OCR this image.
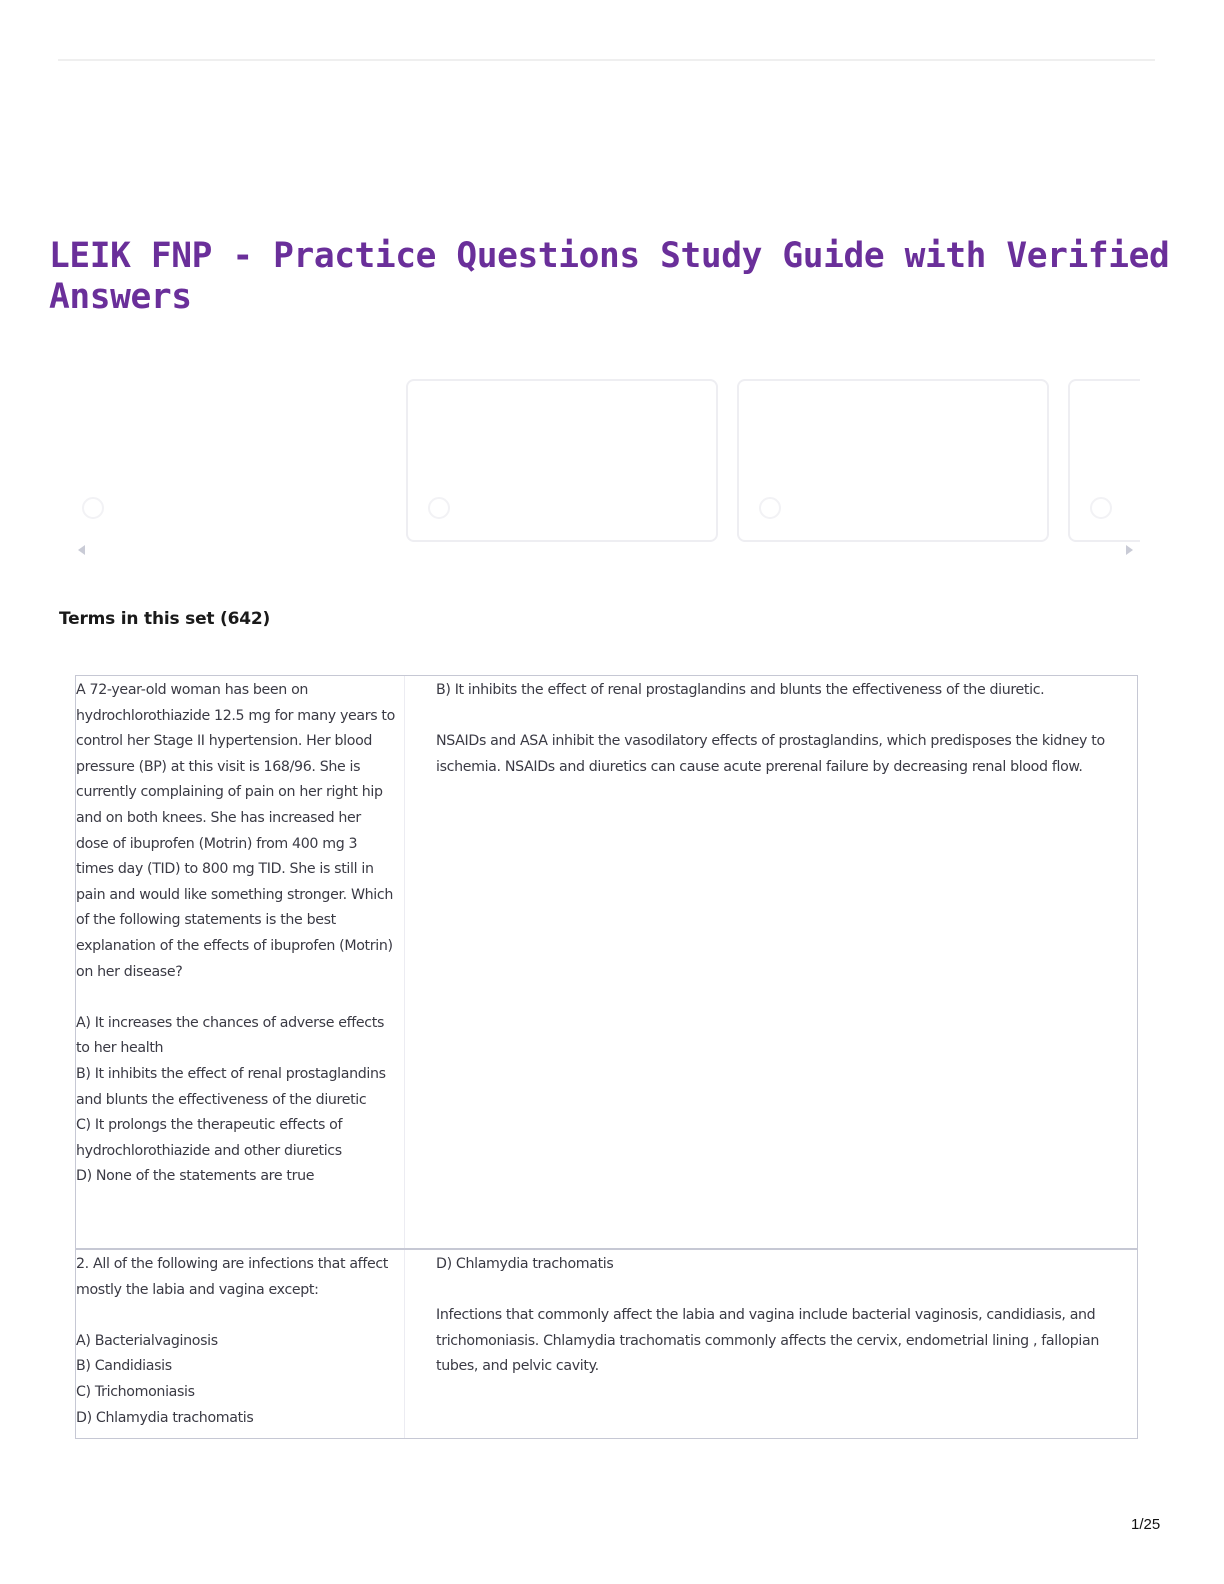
LEIK FNP - Practice Questions Study Guide with Verified Answers
Terms in this set (642)
A 72-year-old woman has been on hydrochlorothiazide 12.5 mg for many years to control her Stage II hypertension. Her blood pressure (BP) at this visit is 168/96. She is currently complaining of pain on her right hip and on both knees. She has increased her dose of ibuprofen (Motrin) from 400 mg 3 times day (TID) to 800 mg TID. She is still in pain and would like something stronger. Which of the following statements is the best explanation of the effects of ibuprofen (Motrin) on her disease?

A) It increases the chances of adverse effects to her health
B) It inhibits the effect of renal prostaglandins and blunts the effectiveness of the diuretic
C) It prolongs the therapeutic effects of hydrochlorothiazide and other diuretics
D) None of the statements are true
B) It inhibits the effect of renal prostaglandins and blunts the effectiveness of the diuretic.

NSAIDs and ASA inhibit the vasodilatory effects of prostaglandins, which predisposes the kidney to ischemia. NSAIDs and diuretics can cause acute prerenal failure by decreasing renal blood flow.
2. All of the following are infections that affect mostly the labia and vagina except:

A) Bacterialvaginosis
B) Candidiasis
C) Trichomoniasis
D) Chlamydia trachomatis
D) Chlamydia trachomatis

Infections that commonly affect the labia and vagina include bacterial vaginosis, candidiasis, and trichomoniasis. Chlamydia trachomatis commonly affects the cervix, endometrial lining , fallopian tubes, and pelvic cavity.
1/25
